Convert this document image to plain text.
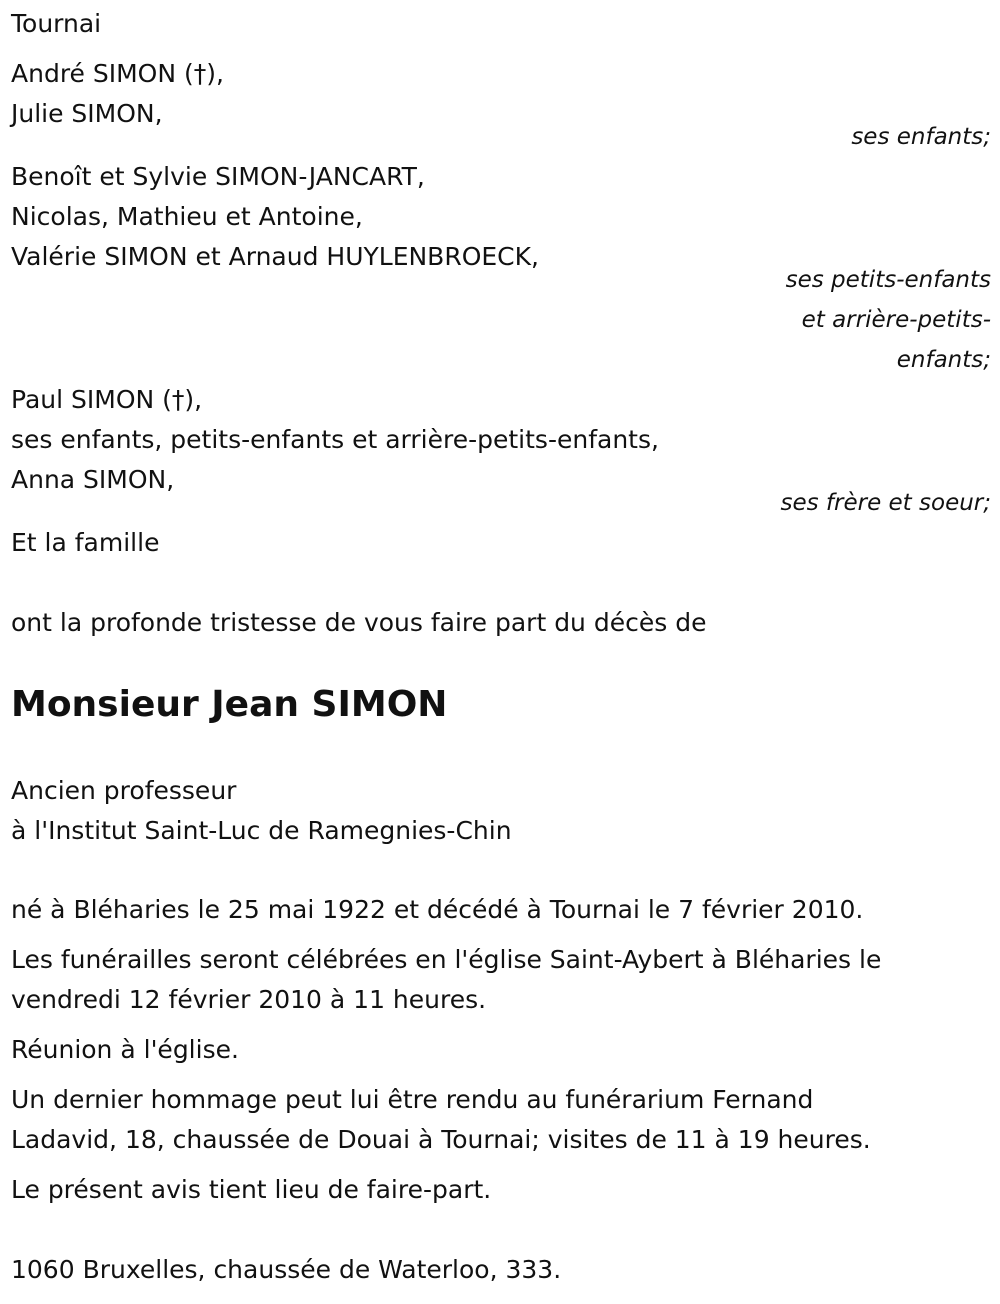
Tournai
André SIMON (†),
Julie SIMON,
ses enfants;
Benoît et Sylvie SIMON-JANCART,
Nicolas, Mathieu et Antoine,
Valérie SIMON et Arnaud HUYLENBROECK,
ses petits-enfants
et arrière-petits-
enfants;
Paul SIMON (†),
ses enfants, petits-enfants et arrière-petits-enfants,
Anna SIMON,
ses frère et soeur;
Et la famille
ont la profonde tristesse de vous faire part du décès de
Monsieur Jean SIMON
Ancien professeur
à l'Institut Saint-Luc de Ramegnies-Chin
né à Bléharies le 25 mai 1922 et décédé à Tournai le 7 février 2010.
Les funérailles seront célébrées en l'église Saint-Aybert à Bléharies le
vendredi 12 février 2010 à 11 heures.
Réunion à l'église.
Un dernier hommage peut lui être rendu au funérarium Fernand
Ladavid, 18, chaussée de Douai à Tournai; visites de 11 à 19 heures.
Le présent avis tient lieu de faire-part.
1060 Bruxelles, chaussée de Waterloo, 333.
